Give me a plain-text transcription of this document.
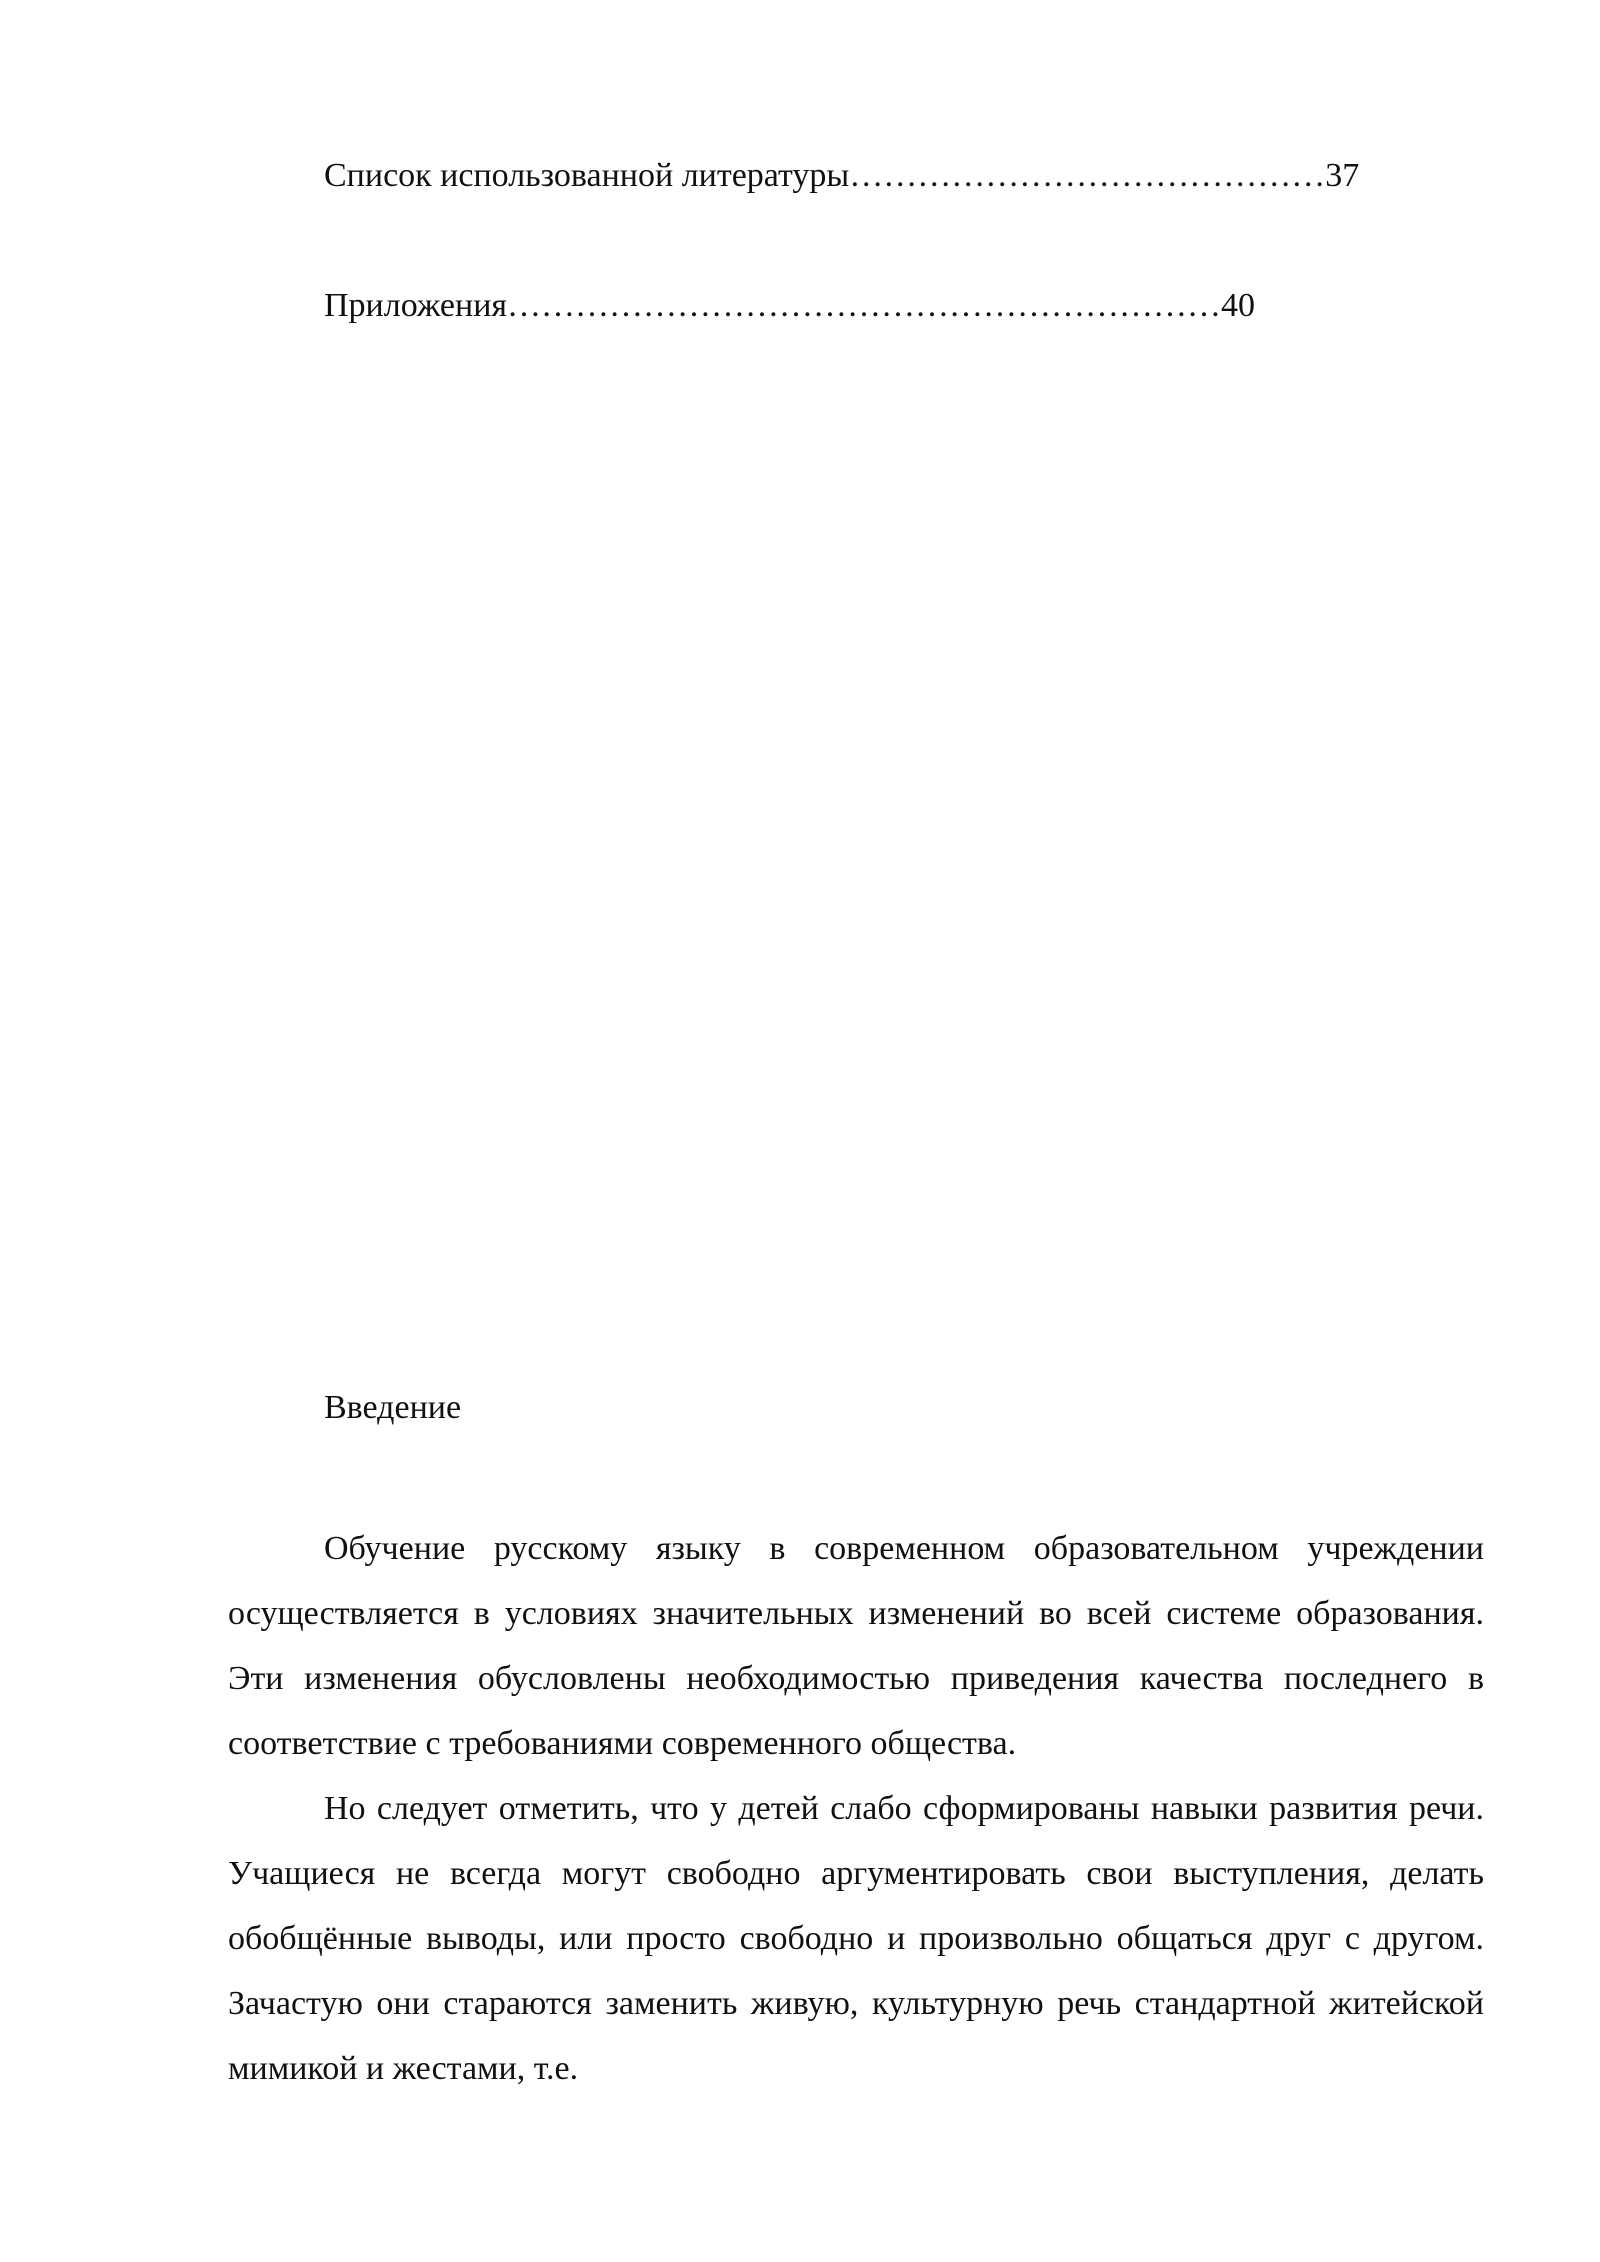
Список использованной литературы……………………………………37
Приложения………………………………………………………40
Введение

Обучение русскому языку в современном образовательном учреждении осуществляется в условиях значительных изменений во всей системе образования. Эти изменения обусловлены необходимостью приведения качества последнего в соответствие с требованиями современного общества.

Но следует отметить, что у детей слабо сформированы навыки развития речи. Учащиеся не всегда могут свободно аргументировать свои выступления, делать обобщённые выводы, или просто свободно и произвольно общаться друг с другом. Зачастую они стараются заменить живую, культурную речь стандартной житейской мимикой и жестами, т.е.
